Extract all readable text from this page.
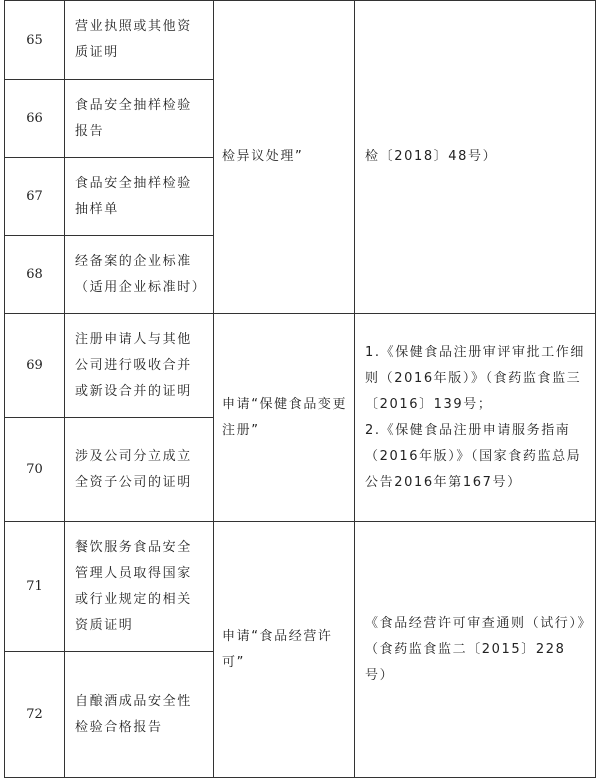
65	营业执照或其他资质证明	检异议处理”	检〔2018〕48号）

66	食品安全抽样检验报告		

67	食品安全抽样检验抽样单		

68	经备案的企业标准
（适用企业标准时）		

69	注册申请人与其他公司进行吸收合并或新设合并的证明	申请“保健食品变更注册”	1.《保健食品注册审评审批工作细则（2016年版）》（食药监食监三〔2016〕139号；
2.《保健食品注册申请服务指南（2016年版）》（国家食药监总局公告2016年第167号）

70	涉及公司分立成立全资子公司的证明		

71	餐饮服务食品安全管理人员取得国家或行业规定的相关资质证明	申请“食品经营许可”	《食品经营许可审查通则（试行）》（食药监食监二〔2015〕228号）

72	自酿酒成品安全性检验合格报告		
